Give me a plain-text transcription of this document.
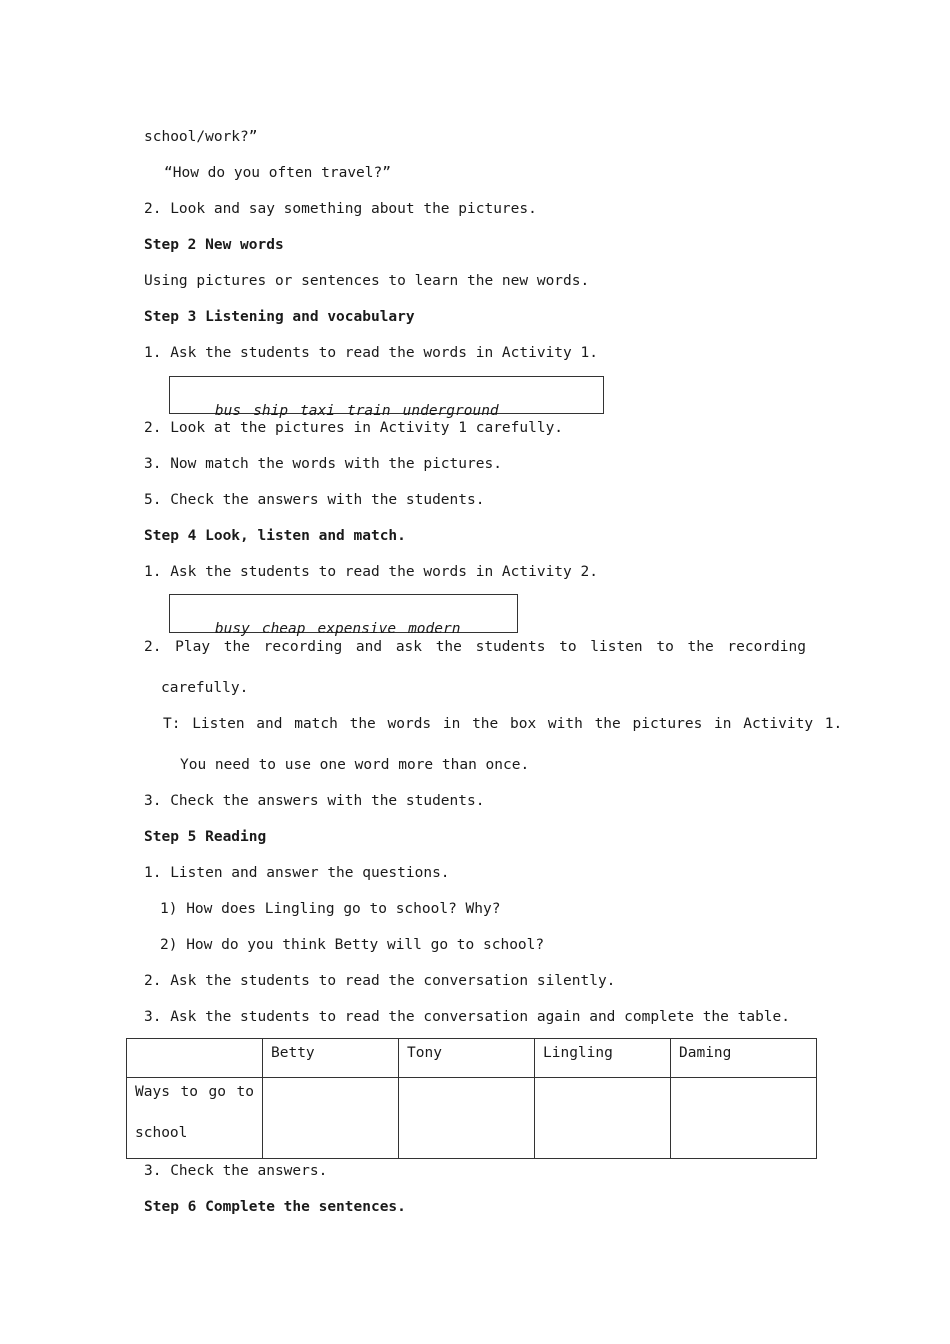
school/work?”
“How do you often travel?”
2. Look and say something about the pictures.
Step 2 New words
Using pictures or sentences to learn the new words.
Step 3 Listening and vocabulary
1. Ask the students to read the words in Activity 1.

bus ship taxi train underground

2. Look at the pictures in Activity 1 carefully.
3. Now match the words with the pictures.
5. Check the answers with the students.
Step 4 Look, listen and match.
1. Ask the students to read the words in Activity 2.

busy cheap expensive modern

2. Play the recording and ask the students to listen to the recording
carefully.
T: Listen and match the words in the box with the pictures in Activity 1.
You need to use one word more than once.
3. Check the answers with the students.
Step 5 Reading
1. Listen and answer the questions.
1) How does Lingling go to school? Why?
2) How do you think Betty will go to school?
2. Ask the students to read the conversation silently.
3. Ask the students to read the conversation again and complete the table.
	Betty	Tony	Lingling	Daming

Ways to go to school				

3. Check the answers.
Step 6 Complete the sentences.
